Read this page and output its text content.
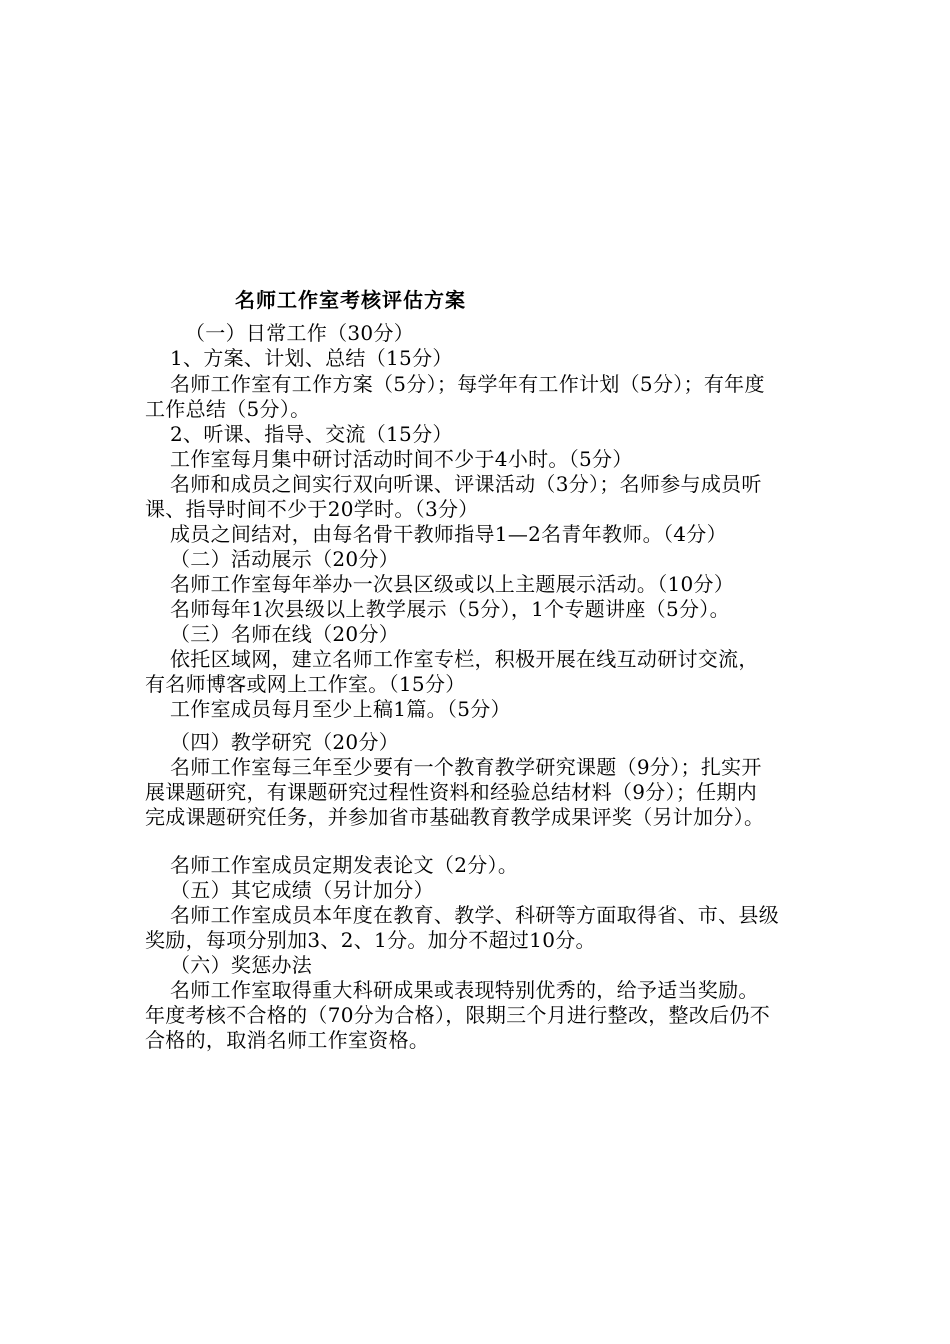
名师工作室考核评估方案
（一）日常工作（30分）
1、方案、计划、总结（15分）
名师工作室有工作方案（5分）；每学年有工作计划（5分）；有年度
工作总结（5分）。
2、听课、指导、交流（15分）
工作室每月集中研讨活动时间不少于4小时。（5分）
名师和成员之间实行双向听课、评课活动（3分）；名师参与成员听
课、指导时间不少于20学时。（3分）
成员之间结对，由每名骨干教师指导1—2名青年教师。（4分）
（二）活动展示（20分）
名师工作室每年举办一次县区级或以上主题展示活动。（10分）
名师每年1次县级以上教学展示（5分），1个专题讲座（5分）。
（三）名师在线（20分）
依托区域网，建立名师工作室专栏，积极开展在线互动研讨交流，
有名师博客或网上工作室。（15分）
工作室成员每月至少上稿1篇。（5分）
（四）教学研究（20分）
名师工作室每三年至少要有一个教育教学研究课题（9分）；扎实开
展课题研究，有课题研究过程性资料和经验总结材料（9分）；任期内
完成课题研究任务，并参加省市基础教育教学成果评奖（另计加分）。
名师工作室成员定期发表论文（2分）。
（五）其它成绩（另计加分）
名师工作室成员本年度在教育、教学、科研等方面取得省、市、县级
奖励，每项分别加3、2、1分。加分不超过10分。
（六）奖惩办法
名师工作室取得重大科研成果或表现特别优秀的，给予适当奖励。
年度考核不合格的（70分为合格），限期三个月进行整改，整改后仍不
合格的，取消名师工作室资格。
